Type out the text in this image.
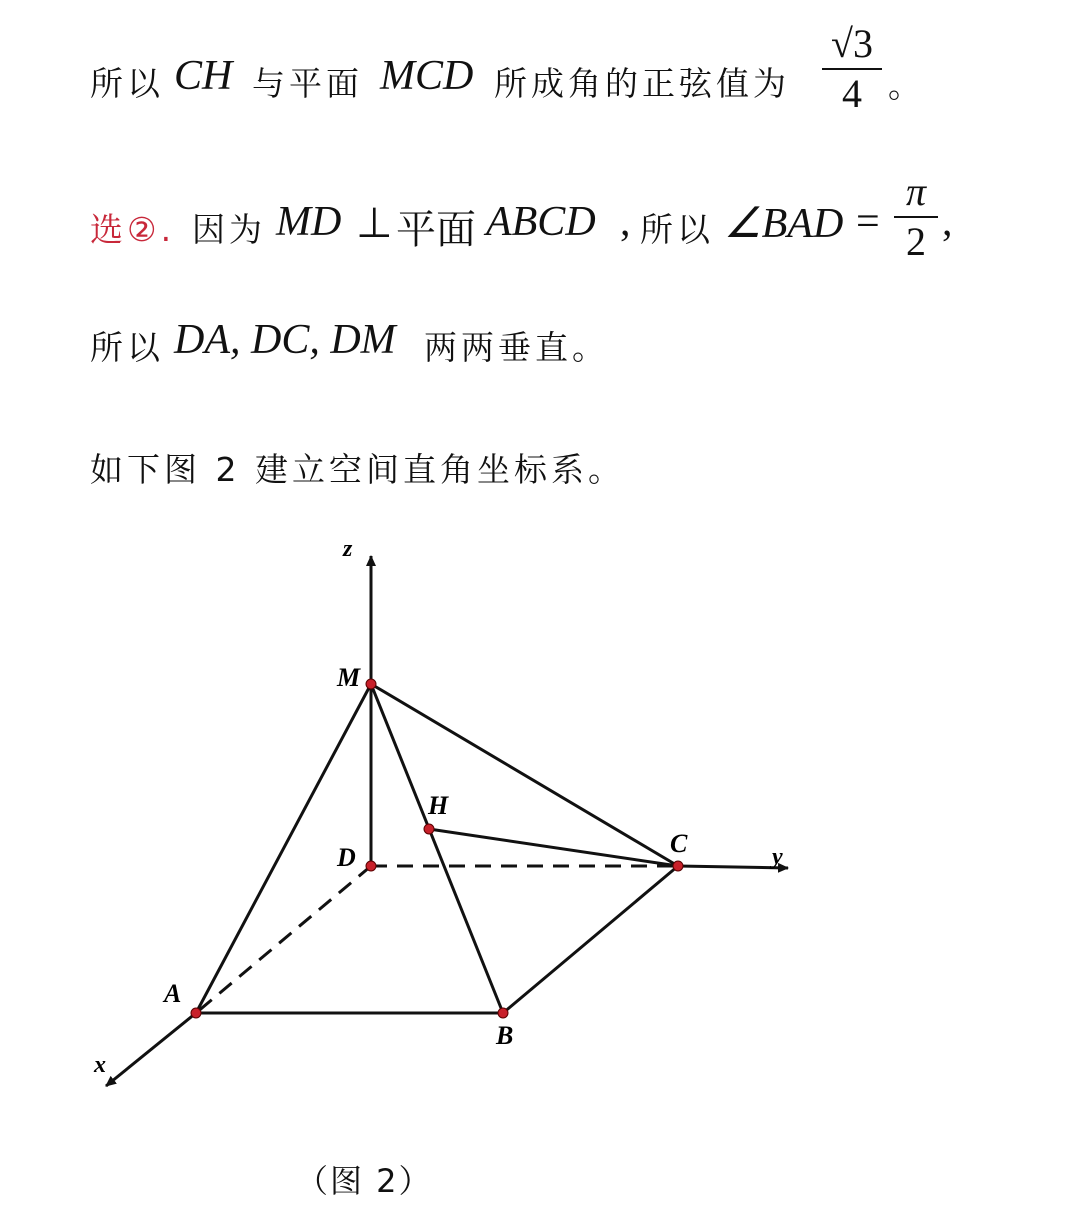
所以 CH 与平面 MCD 所成角的正弦值为
√3
4 。
选②. 因为 MD ⊥ 平面 ABCD , 所以 ∠BAD =
π
2 ,
所以 DA, DC, DM 两两垂直。
如下图 2 建立空间直角坐标系。
z
y
x
M
H
D	C
A
B
（图 2）
